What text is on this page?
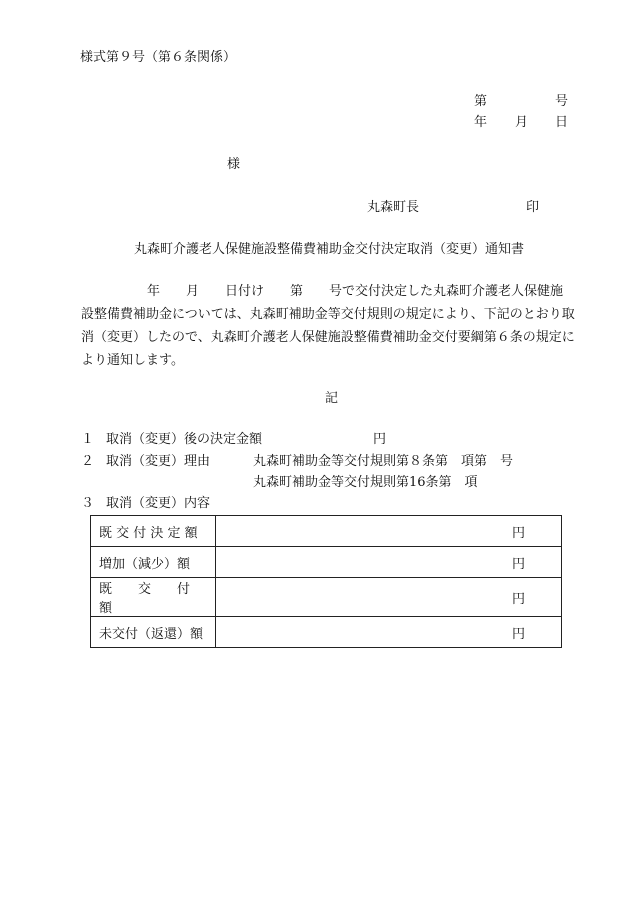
様式第９号（第６条関係）
第	号
年 月 日
様
丸森町長	印
丸森町介護老人保健施設整備費補助金交付決定取消（変更）通知書
年　　月　　日付け　　第　　号で交付決定した丸森町介護老人保健施
設整備費補助金については、丸森町補助金等交付規則の規定により、下記のとおり取
消（変更）したので、丸森町介護老人保健施設整備費補助金交付要綱第６条の規定に
より通知します。
記
１ 取消（変更）後の決定金額	円
２ 取消（変更）理由	丸森町補助金等交付規則第８条第　項第　号
丸森町補助金等交付規則第16条第　項
３ 取消（変更）内容
既 交 付 決 定 額	円
増加（減少）額	円
既　　交　　付　　額	円
未交付（返還）額	円
